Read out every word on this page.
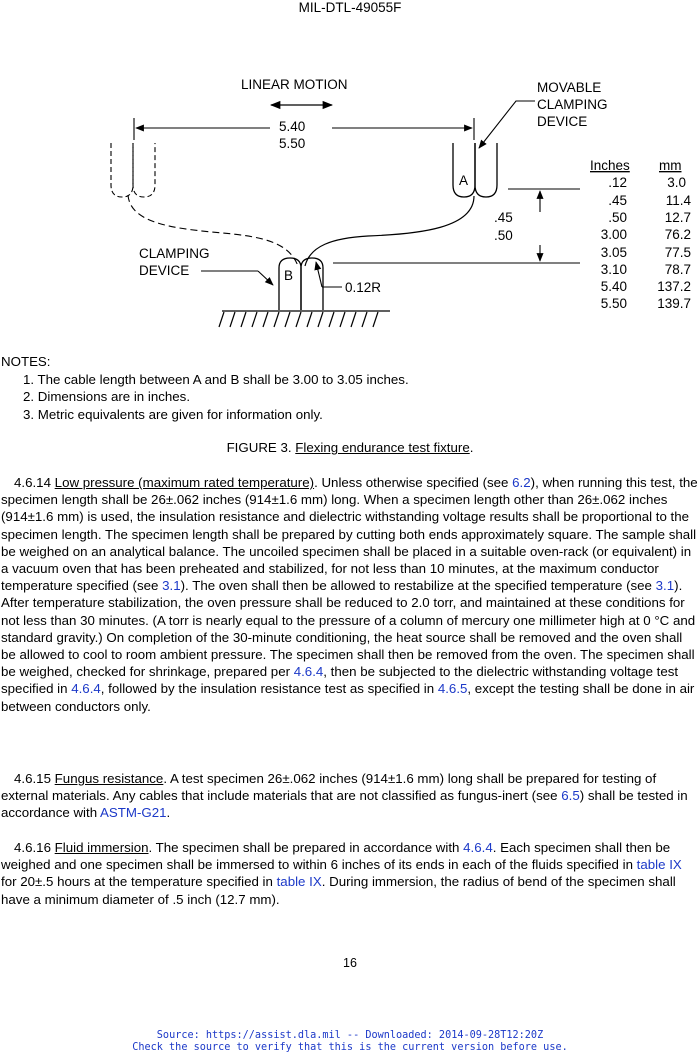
MIL-DTL-49055F
LINEAR MOTION
5.40
5.50
MOVABLE
CLAMPING
DEVICE
A
B
0.12R
CLAMPING
DEVICE
.45
.50
Inches mm
.12	3.0
.45	11.4
.50	12.7
3.00	76.2
3.05	77.5
3.10	78.7
5.40 137.2
5.50 139.7
NOTES:
1. The cable length between A and B shall be 3.00 to 3.05 inches.
2. Dimensions are in inches.
3. Metric equivalents are given for information only.
FIGURE 3. Flexing endurance test fixture.
4.6.14 Low pressure (maximum rated temperature). Unless otherwise specified (see 6.2), when running this test, the specimen length shall be 26±.062 inches (914±1.6 mm) long. When a specimen length other than 26±.062 inches (914±1.6 mm) is used, the insulation resistance and dielectric withstanding voltage results shall be proportional to the specimen length. The specimen length shall be prepared by cutting both ends approximately square. The sample shall be weighed on an analytical balance. The uncoiled specimen shall be placed in a suitable oven-rack (or equivalent) in a vacuum oven that has been preheated and stabilized, for not less than 10 minutes, at the maximum conductor temperature specified (see 3.1). The oven shall then be allowed to restabilize at the specified temperature (see 3.1). After temperature stabilization, the oven pressure shall be reduced to 2.0 torr, and maintained at these conditions for not less than 30 minutes. (A torr is nearly equal to the pressure of a column of mercury one millimeter high at 0 °C and standard gravity.) On completion of the 30-minute conditioning, the heat source shall be removed and the oven shall be allowed to cool to room ambient pressure. The specimen shall then be removed from the oven. The specimen shall be weighed, checked for shrinkage, prepared per 4.6.4, then be subjected to the dielectric withstanding voltage test specified in 4.6.4, followed by the insulation resistance test as specified in 4.6.5, except the testing shall be done in air between conductors only.
4.6.15 Fungus resistance. A test specimen 26±.062 inches (914±1.6 mm) long shall be prepared for testing of external materials. Any cables that include materials that are not classified as fungus-inert (see 6.5) shall be tested in accordance with ASTM-G21.
4.6.16 Fluid immersion. The specimen shall be prepared in accordance with 4.6.4. Each specimen shall then be weighed and one specimen shall be immersed to within 6 inches of its ends in each of the fluids specified in table IX for 20±.5 hours at the temperature specified in table IX. During immersion, the radius of bend of the specimen shall have a minimum diameter of .5 inch (12.7 mm).
16
Source: https://assist.dla.mil -- Downloaded: 2014-09-28T12:20Z
Check the source to verify that this is the current version before use.
